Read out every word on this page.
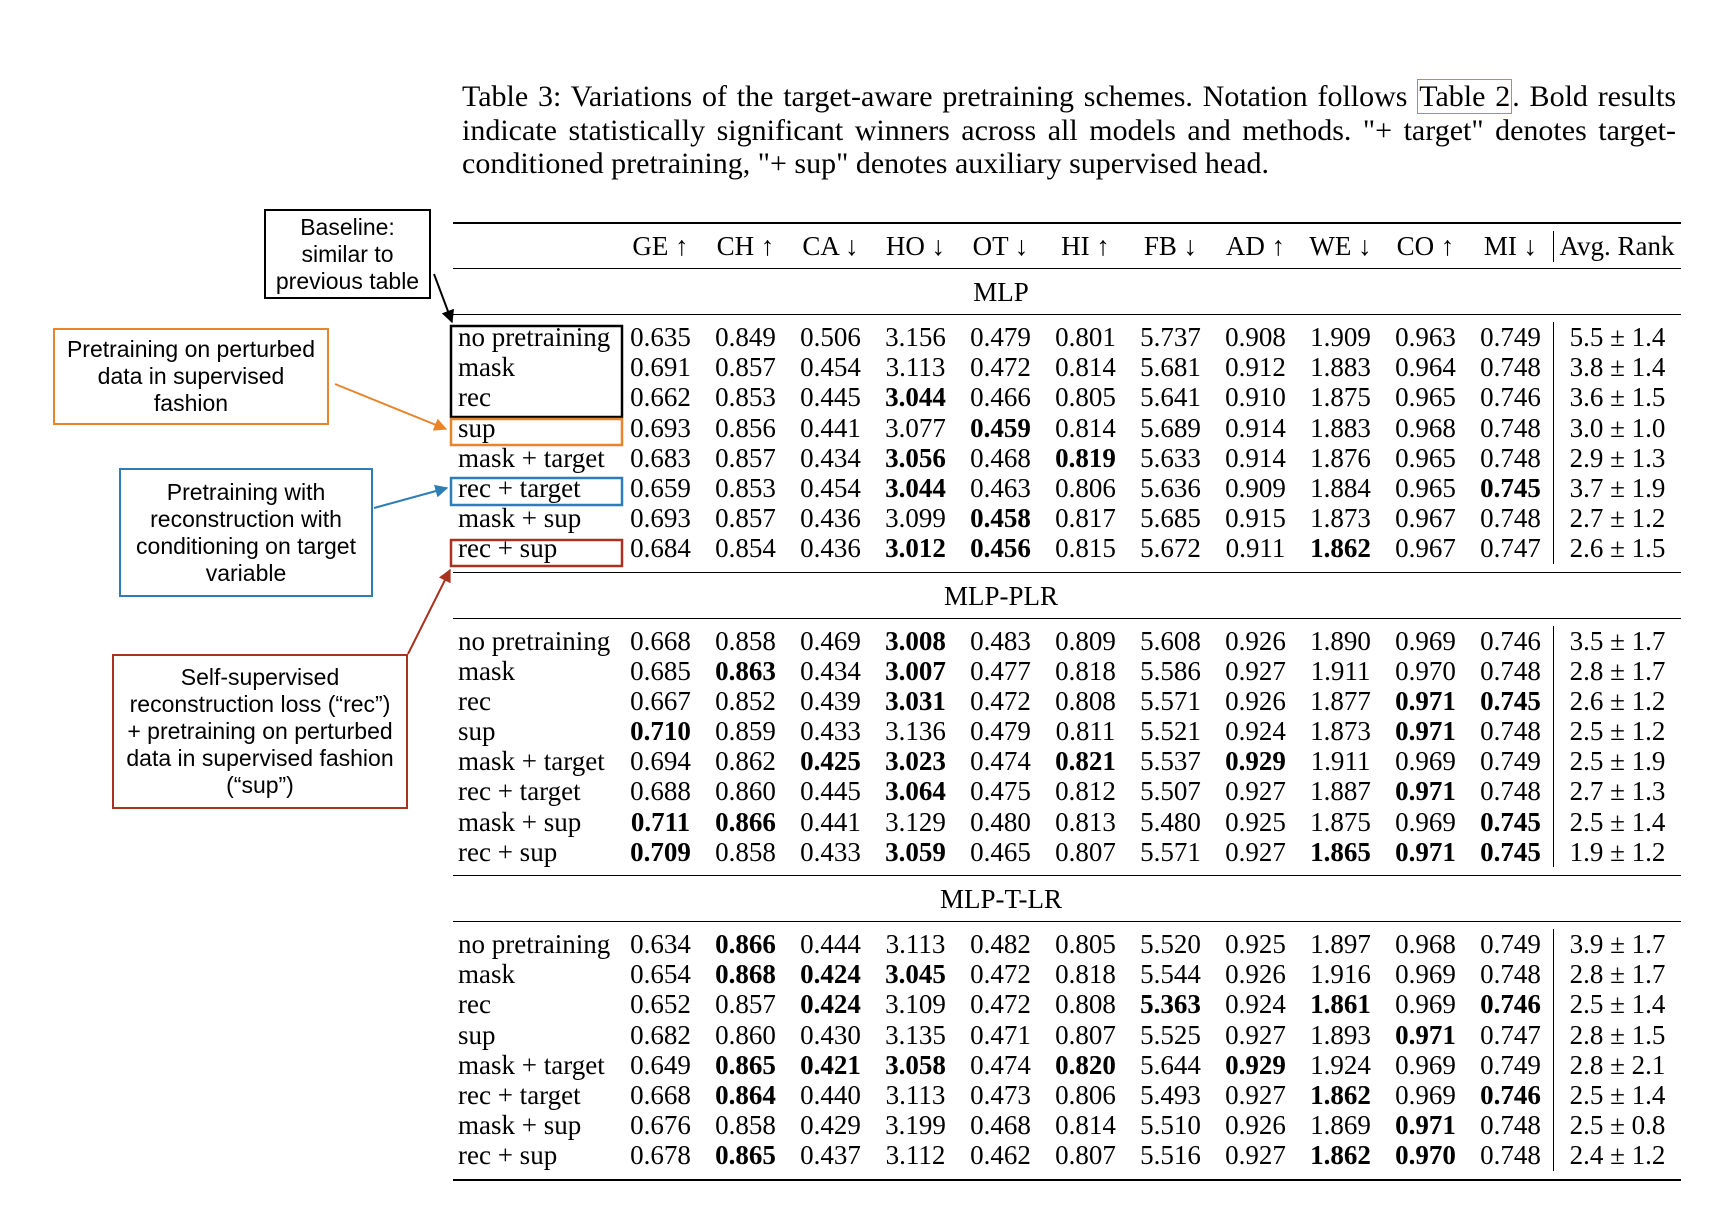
Table 3: Variations of the target-aware pretraining schemes. Notation follows Table 2. Bold results indicate statistically significant winners across all models and methods. "+ target" denotes target-conditioned pretraining, "+ sup" denotes auxiliary supervised head.
GE ↑	CH ↑	CA ↓	HO ↓	OT ↓	HI ↑	FB ↓	AD ↑ WE ↓ CO ↑	MI ↓ Avg. Rank
MLP
no pretraining 0.635 0.849 0.506 3.156 0.479 0.801 5.737 0.908 1.909 0.963 0.749	5.5 ± 1.4
mask	0.691 0.857 0.454 3.113 0.472 0.814 5.681 0.912 1.883 0.964 0.748	3.8 ± 1.4
rec	0.662 0.853 0.445 3.044 0.466 0.805 5.641 0.910 1.875 0.965 0.746	3.6 ± 1.5
sup	0.693 0.856 0.441 3.077 0.459 0.814 5.689 0.914 1.883 0.968 0.748	3.0 ± 1.0
mask + target 0.683 0.857 0.434 3.056 0.468 0.819 5.633 0.914 1.876 0.965 0.748	2.9 ± 1.3
rec + target	0.659 0.853 0.454 3.044 0.463 0.806 5.636 0.909 1.884 0.965 0.745	3.7 ± 1.9
mask + sup	0.693 0.857 0.436 3.099 0.458 0.817 5.685 0.915 1.873 0.967 0.748	2.7 ± 1.2
rec + sup	0.684 0.854 0.436 3.012 0.456 0.815 5.672 0.911 1.862 0.967 0.747	2.6 ± 1.5
MLP-PLR
no pretraining 0.668 0.858 0.469 3.008 0.483 0.809 5.608 0.926 1.890 0.969 0.746	3.5 ± 1.7
mask	0.685 0.863 0.434 3.007 0.477 0.818 5.586 0.927 1.911 0.970 0.748	2.8 ± 1.7
rec	0.667 0.852 0.439 3.031 0.472 0.808 5.571 0.926 1.877 0.971 0.745	2.6 ± 1.2
sup	0.710 0.859 0.433 3.136 0.479 0.811 5.521 0.924 1.873 0.971 0.748	2.5 ± 1.2
mask + target 0.694 0.862 0.425 3.023 0.474 0.821 5.537 0.929 1.911 0.969 0.749	2.5 ± 1.9
rec + target	0.688 0.860 0.445 3.064 0.475 0.812 5.507 0.927 1.887 0.971 0.748	2.7 ± 1.3
mask + sup	0.711 0.866 0.441 3.129 0.480 0.813 5.480 0.925 1.875 0.969 0.745	2.5 ± 1.4
rec + sup	0.709 0.858 0.433 3.059 0.465 0.807 5.571 0.927 1.865 0.971 0.745	1.9 ± 1.2
MLP-T-LR
no pretraining 0.634 0.866 0.444 3.113 0.482 0.805 5.520 0.925 1.897 0.968 0.749	3.9 ± 1.7
mask	0.654 0.868 0.424 3.045 0.472 0.818 5.544 0.926 1.916 0.969 0.748	2.8 ± 1.7
rec	0.652 0.857 0.424 3.109 0.472 0.808 5.363 0.924 1.861 0.969 0.746	2.5 ± 1.4
sup	0.682 0.860 0.430 3.135 0.471 0.807 5.525 0.927 1.893 0.971 0.747	2.8 ± 1.5
mask + target 0.649 0.865 0.421 3.058 0.474 0.820 5.644 0.929 1.924 0.969 0.749	2.8 ± 2.1
rec + target	0.668 0.864 0.440 3.113 0.473 0.806 5.493 0.927 1.862 0.969 0.746	2.5 ± 1.4
mask + sup	0.676 0.858 0.429 3.199 0.468 0.814 5.510 0.926 1.869 0.971 0.748	2.5 ± 0.8
rec + sup	0.678 0.865 0.437 3.112 0.462 0.807 5.516 0.927 1.862 0.970 0.748	2.4 ± 1.2
Baseline: similar to previous table
Pretraining on perturbed data in supervised fashion
Pretraining with reconstruction with conditioning on target variable
Self-supervised reconstruction loss (“rec”) + pretraining on perturbed data in supervised fashion (“sup”)
